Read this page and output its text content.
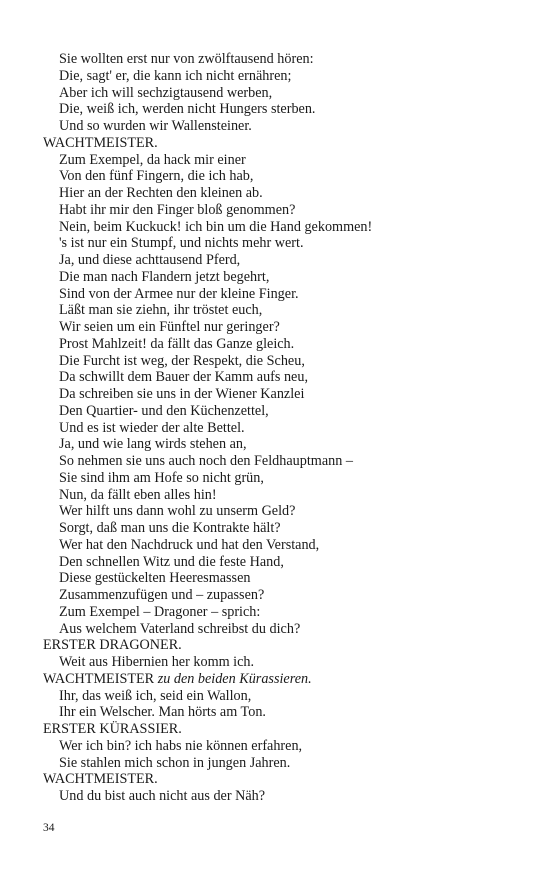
Sie wollten erst nur von zwölftausend hören:
Die, sagt' er, die kann ich nicht ernähren;
Aber ich will sechzigtausend werben,
Die, weiß ich, werden nicht Hungers sterben.
Und so wurden wir Wallensteiner.
WACHTMEISTER.
Zum Exempel, da hack mir einer
Von den fünf Fingern, die ich hab,
Hier an der Rechten den kleinen ab.
Habt ihr mir den Finger bloß genommen?
Nein, beim Kuckuck! ich bin um die Hand gekommen!
's ist nur ein Stumpf, und nichts mehr wert.
Ja, und diese achttausend Pferd,
Die man nach Flandern jetzt begehrt,
Sind von der Armee nur der kleine Finger.
Läßt man sie ziehn, ihr tröstet euch,
Wir seien um ein Fünftel nur geringer?
Prost Mahlzeit! da fällt das Ganze gleich.
Die Furcht ist weg, der Respekt, die Scheu,
Da schwillt dem Bauer der Kamm aufs neu,
Da schreiben sie uns in der Wiener Kanzlei
Den Quartier- und den Küchenzettel,
Und es ist wieder der alte Bettel.
Ja, und wie lang wirds stehen an,
So nehmen sie uns auch noch den Feldhauptmann –
Sie sind ihm am Hofe so nicht grün,
Nun, da fällt eben alles hin!
Wer hilft uns dann wohl zu unserm Geld?
Sorgt, daß man uns die Kontrakte hält?
Wer hat den Nachdruck und hat den Verstand,
Den schnellen Witz und die feste Hand,
Diese gestückelten Heeresmassen
Zusammenzufügen und – zupassen?
Zum Exempel – Dragoner – sprich:
Aus welchem Vaterland schreibst du dich?
ERSTER DRAGONER.
Weit aus Hibernien her komm ich.
WACHTMEISTER zu den beiden Kürassieren.
Ihr, das weiß ich, seid ein Wallon,
Ihr ein Welscher. Man hörts am Ton.
ERSTER KÜRASSIER.
Wer ich bin? ich habs nie können erfahren,
Sie stahlen mich schon in jungen Jahren.
WACHTMEISTER.
Und du bist auch nicht aus der Näh?
34
